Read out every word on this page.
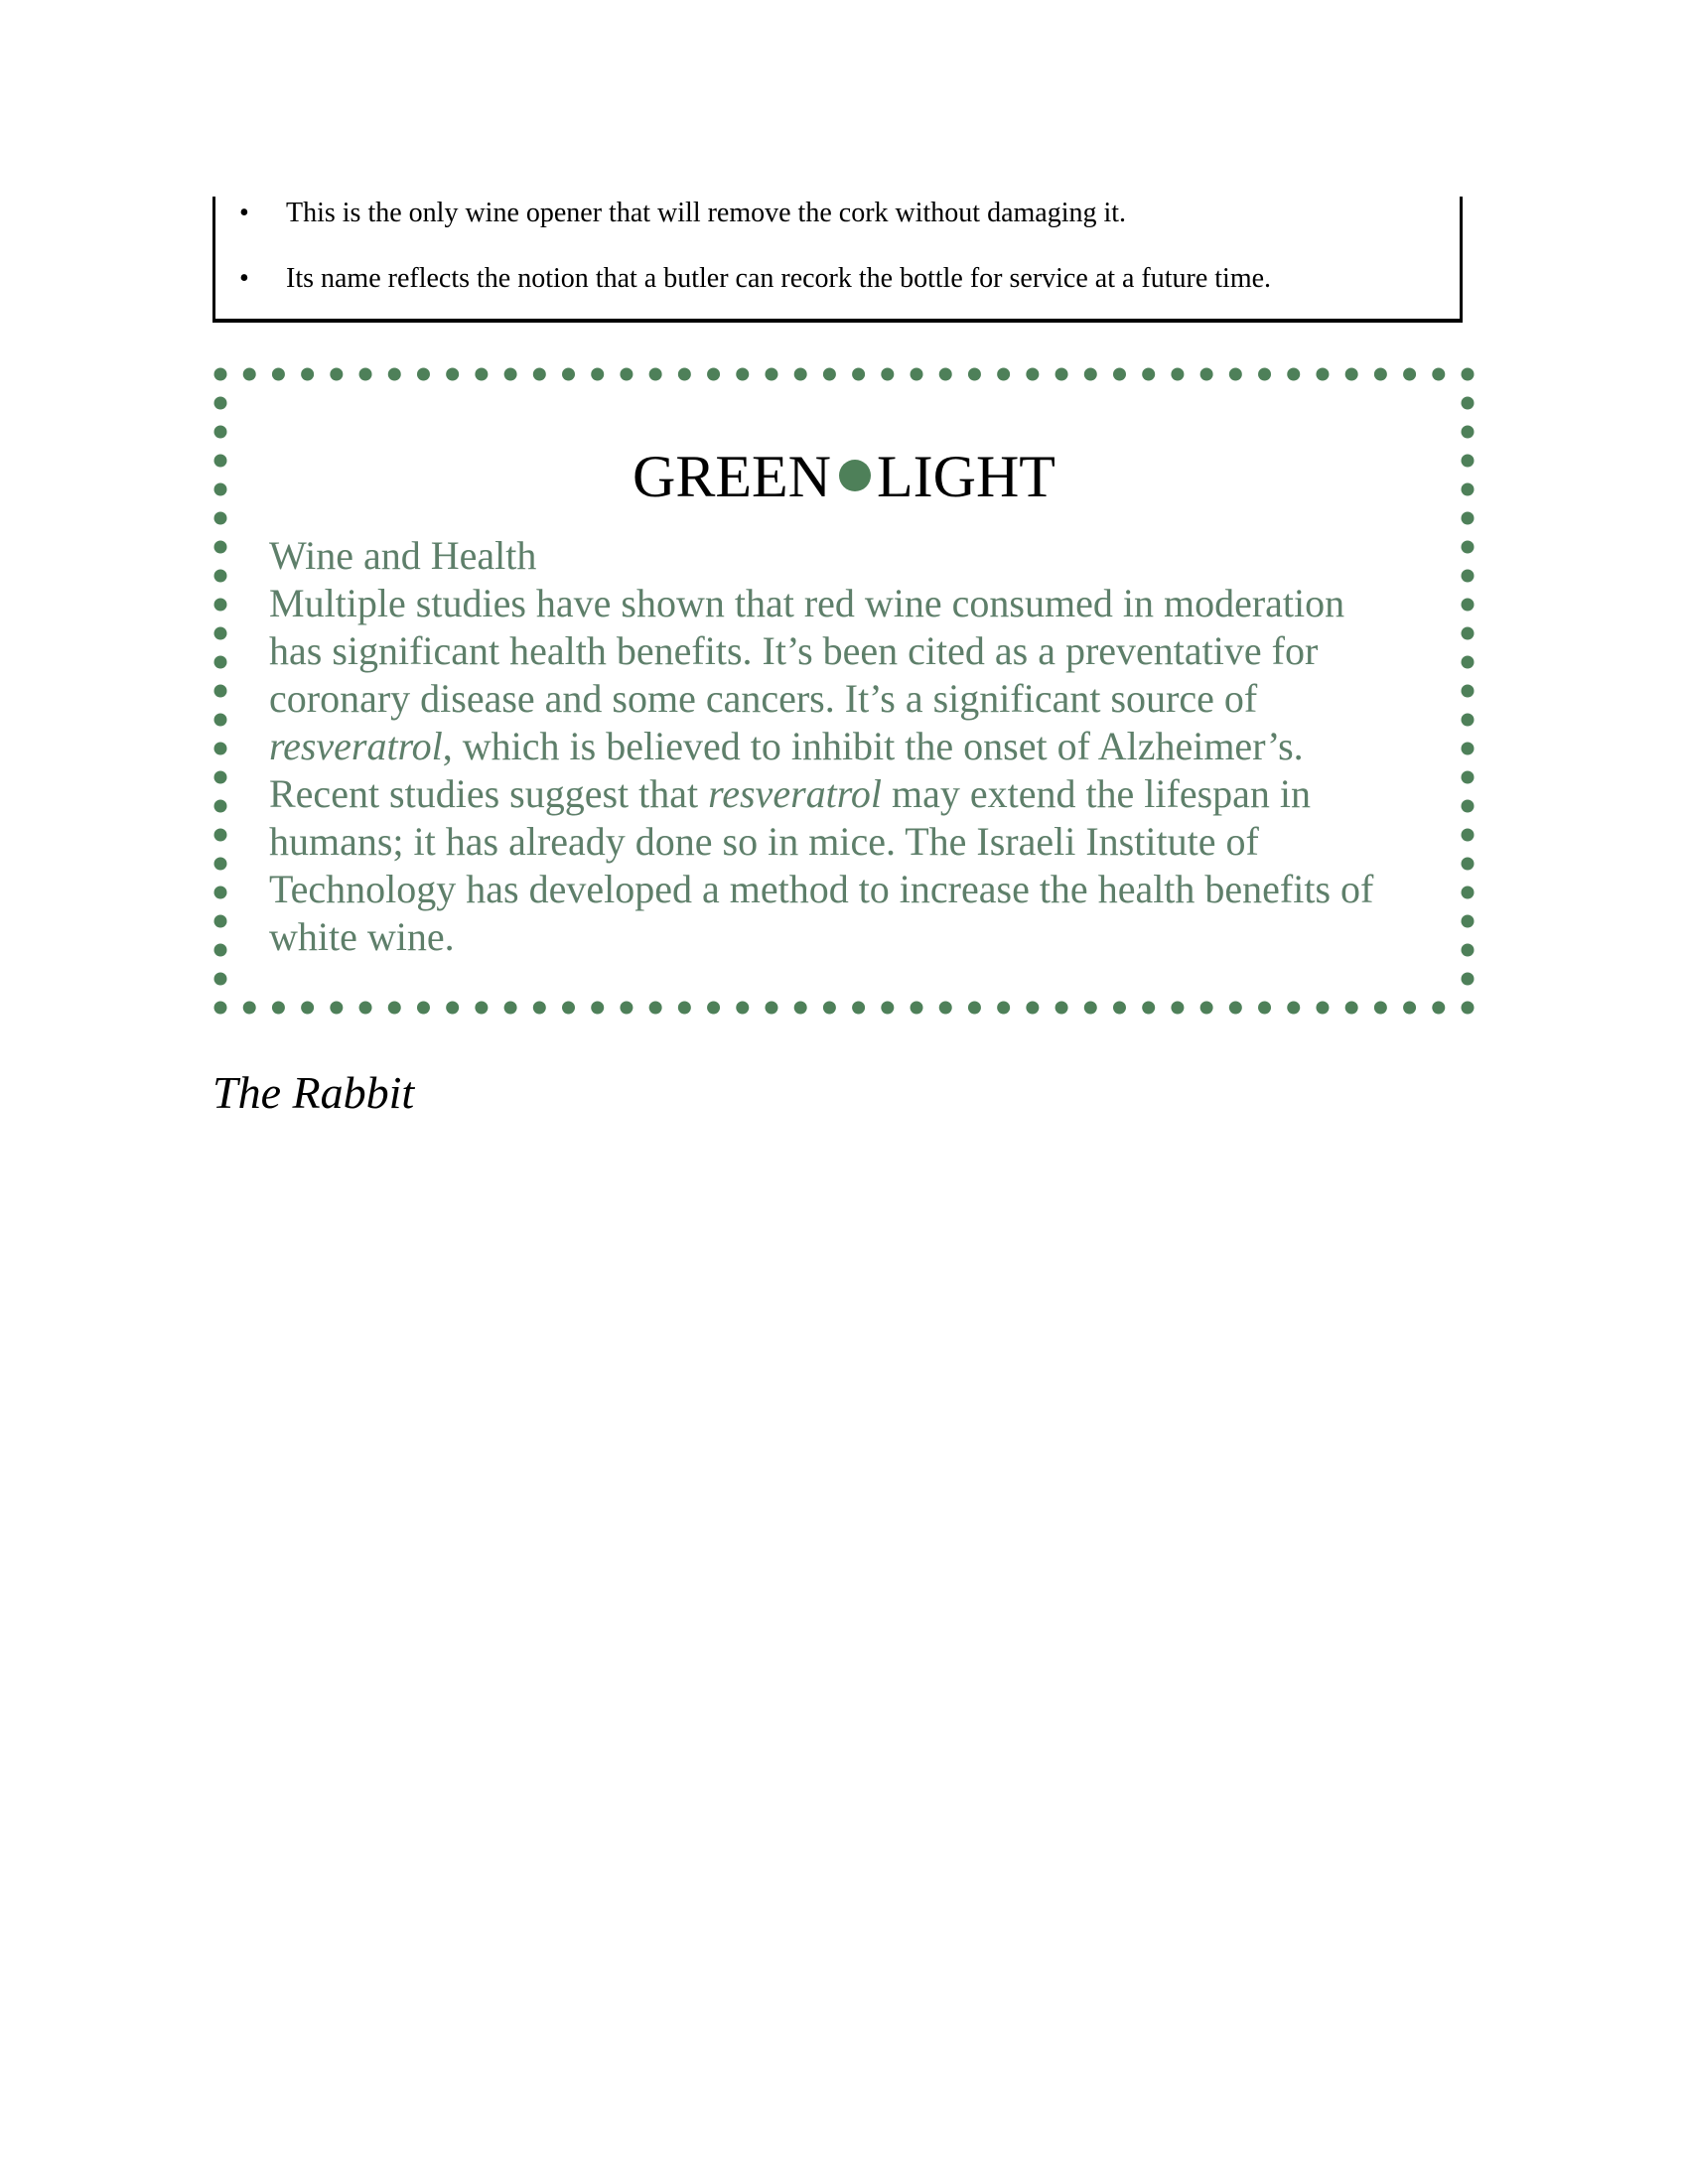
• This is the only wine opener that will remove the cork without damaging it.
• Its name reflects the notion that a butler can recork the bottle for service at a future time.
GREEN LIGHT
Wine and Health
Multiple studies have shown that red wine consumed in moderation
has significant health benefits. It’s been cited as a preventative for
coronary disease and some cancers. It’s a significant source of
resveratrol, which is believed to inhibit the onset of Alzheimer’s.
Recent studies suggest that resveratrol may extend the lifespan in
humans; it has already done so in mice. The Israeli Institute of
Technology has developed a method to increase the health benefits of
white wine.
The Rabbit
